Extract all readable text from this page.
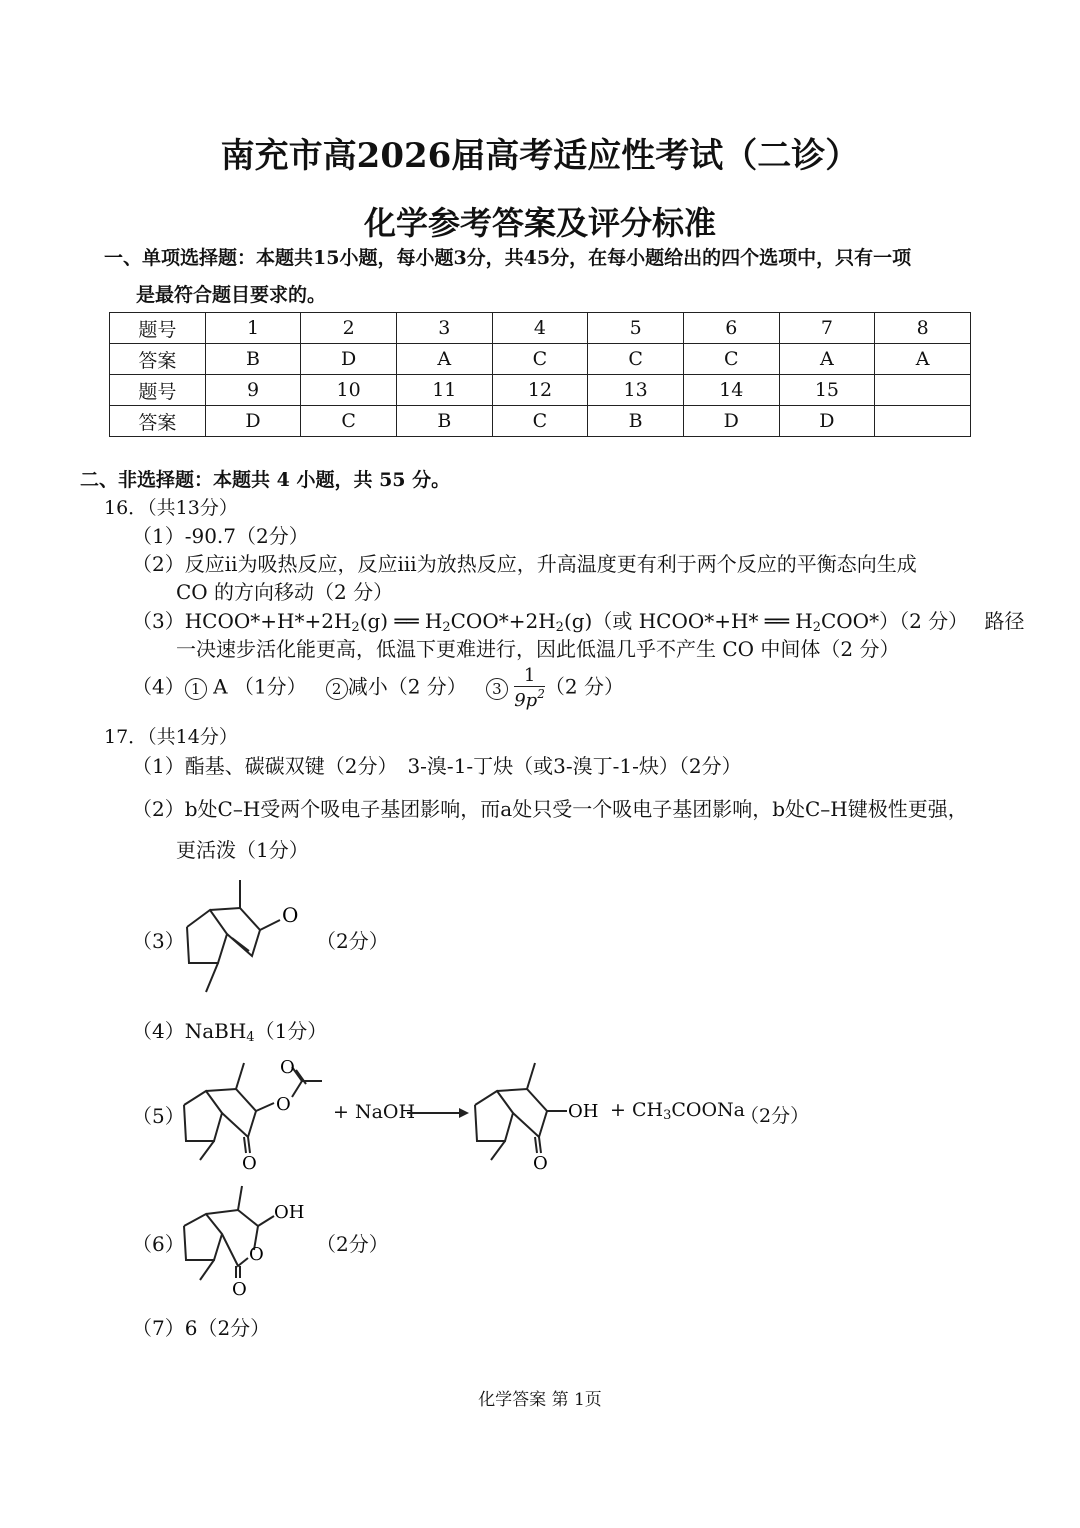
南充市高2026届高考适应性考试（二诊）
化学参考答案及评分标准
一、单项选择题：本题共15小题，每小题3分，共45分，在每小题给出的四个选项中，只有一项
是最符合题目要求的。
题号	1	2	3	4	5	6	7	8
答案	B	D	A	C	C	C	A	A
题号	9	10	11	12	13	14	15	
答案	D	C	B	C	B	D	D	
二、非选择题：本题共 4 小题，共 55 分。
16．（共13分）
（1）-90.7（2分）
（2）反应ii为吸热反应，反应iii为放热反应，升高温度更有利于两个反应的平衡态向生成
CO 的方向移动（2 分）
$(3)HCOO*+H*+2H_2(g)$ ══ $H_2COO*+2H_2(g)$（或 HCOO*+H* ══ $H_2COO*)(2$ 分）　 路径
一决速步活化能更高，低温下更难进行，因此低温几乎不产生 CO 中间体（2 分）
（4） 1 A （1分） 2 减小（2 分） $3 \frac{1}{9p^2} (2$ 分）
17．（共14分）
（1）酯基、碳碳双键（2分）　3-溴-1-丁炔（或3-溴丁-1-炔）（2分）
（2）b处C–H受两个吸电子基团影响，而a处只受一个吸电子基团影响，b处C–H键极性更强，
更活泼（1分）
（3）
O
（2分）
（4）NaBH$_4$（1分）
（5）	O
O
O
+ NaOH	OH
O
+ $CH_3COONa$
（2分）
（6）
OH
O
O
（2分）
（7）6（2分）
化学答案 第 1页
